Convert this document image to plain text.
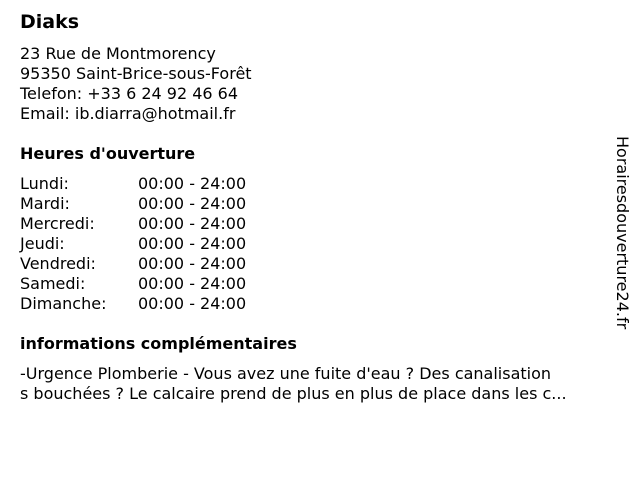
Diaks
23 Rue de Montmorency
95350 Saint-Brice-sous-Forêt
Telefon: +33 6 24 92 46 64
Email: ib.diarra@hotmail.fr
Heures d'ouverture
Lundi:	00:00 - 24:00
Mardi:	00:00 - 24:00
Mercredi:	00:00 - 24:00
Jeudi:	00:00 - 24:00
Vendredi:	00:00 - 24:00
Samedi:	00:00 - 24:00
Dimanche: 00:00 - 24:00
informations complémentaires
-Urgence Plomberie - Vous avez une fuite d'eau ? Des canalisation
s bouchées ? Le calcaire prend de plus en plus de place dans les c...
Horairesdouverture24.fr
